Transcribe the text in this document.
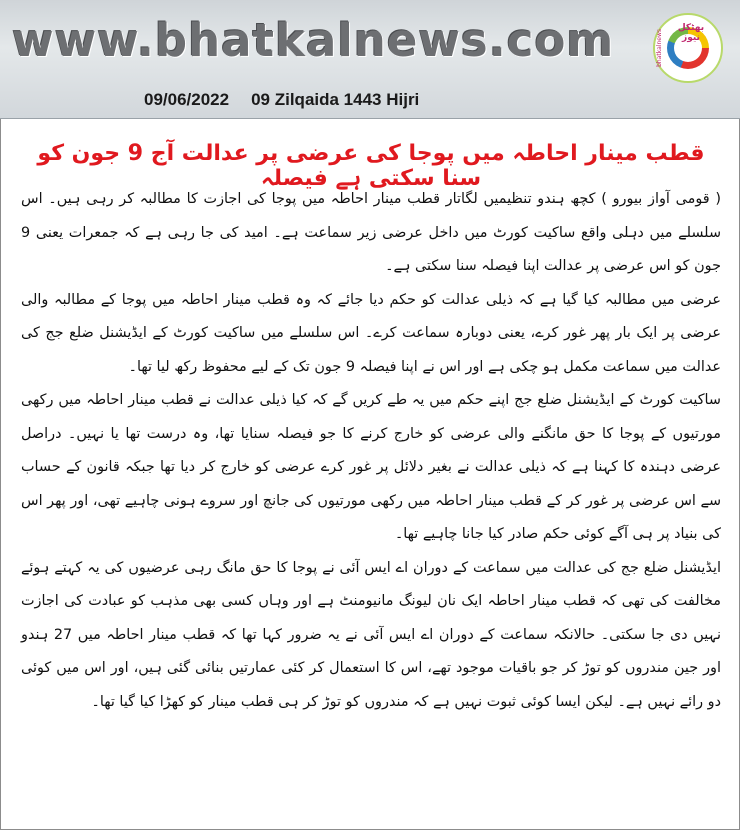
www.bhatkalnews.com
09/06/2022 09 Zilqaida 1443 Hijri
بھٹکل نیوز
bhatkalnews
قطب مینار احاطہ میں پوجا کی عرضی پر عدالت آج 9 جون کو سنا سکتی ہے فیصلہ

( قومی آواز بیورو ) کچھ ہندو تنظیمیں لگاتار قطب مینار احاطہ میں پوجا کی اجازت کا مطالبہ کر رہی ہیں۔ اس سلسلے میں دہلی واقع ساکیت کورٹ میں داخل عرضی زیر سماعت ہے۔ امید کی جا رہی ہے کہ جمعرات یعنی 9 جون کو اس عرضی پر عدالت اپنا فیصلہ سنا سکتی ہے۔

عرضی میں مطالبہ کیا گیا ہے کہ ذیلی عدالت کو حکم دیا جائے کہ وہ قطب مینار احاطہ میں پوجا کے مطالبہ والی عرضی پر ایک بار پھر غور کرے، یعنی دوبارہ سماعت کرے۔ اس سلسلے میں ساکیت کورٹ کے ایڈیشنل ضلع جج کی عدالت میں سماعت مکمل ہو چکی ہے اور اس نے اپنا فیصلہ 9 جون تک کے لیے محفوظ رکھ لیا تھا۔

ساکیت کورٹ کے ایڈیشنل ضلع جج اپنے حکم میں یہ طے کریں گے کہ کیا ذیلی عدالت نے قطب مینار احاطہ میں رکھی مورتیوں کے پوجا کا حق مانگنے والی عرضی کو خارج کرنے کا جو فیصلہ سنایا تھا، وہ درست تھا یا نہیں۔ دراصل عرضی دہندہ کا کہنا ہے کہ ذیلی عدالت نے بغیر دلائل پر غور کرے عرضی کو خارج کر دیا تھا جبکہ قانون کے حساب سے اس عرضی پر غور کر کے قطب مینار احاطہ میں رکھی مورتیوں کی جانچ اور سروے ہونی چاہیے تھی، اور پھر اس کی بنیاد پر ہی آگے کوئی حکم صادر کیا جانا چاہیے تھا۔

ایڈیشنل ضلع جج کی عدالت میں سماعت کے دوران اے ایس آئی نے پوجا کا حق مانگ رہی عرضیوں کی یہ کہتے ہوئے مخالفت کی تھی کہ قطب مینار احاطہ ایک نان لیونگ مانیومنٹ ہے اور وہاں کسی بھی مذہب کو عبادت کی اجازت نہیں دی جا سکتی۔ حالانکہ سماعت کے دوران اے ایس آئی نے یہ ضرور کہا تھا کہ قطب مینار احاطہ میں 27 ہندو اور جین مندروں کو توڑ کر جو باقیات موجود تھے، اس کا استعمال کر کئی عمارتیں بنائی گئی ہیں، اور اس میں کوئی دو رائے نہیں ہے۔ لیکن ایسا کوئی ثبوت نہیں ہے کہ مندروں کو توڑ کر ہی قطب مینار کو کھڑا کیا گیا تھا۔
